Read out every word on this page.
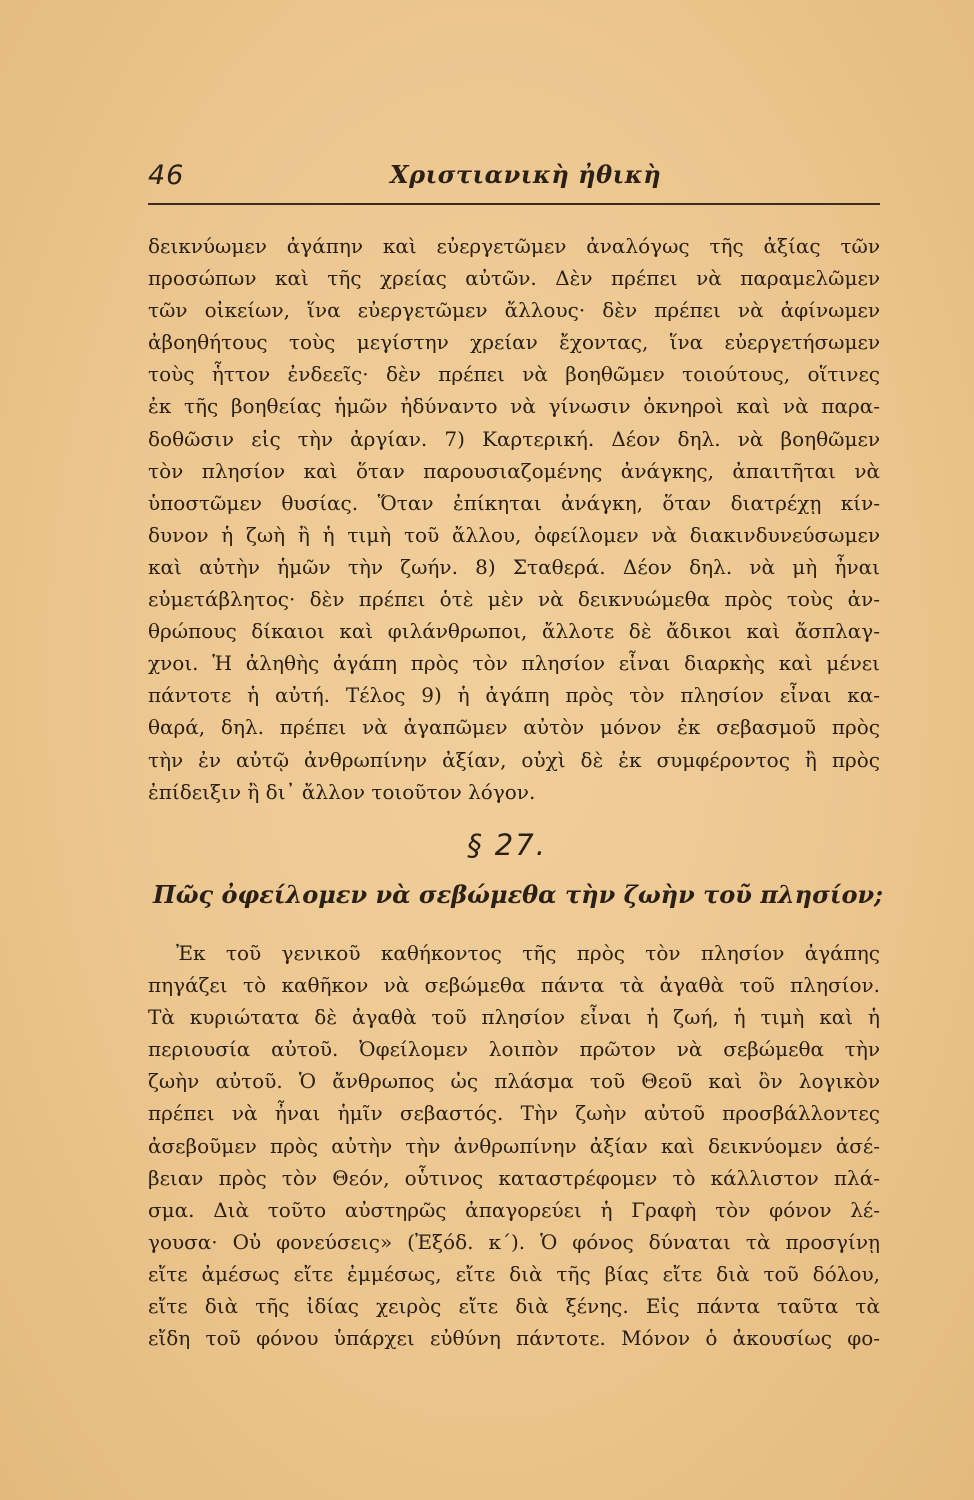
46	Χριστιανικὴ ἠθικὴ
δεικνύωμεν ἀγάπην καὶ εὐεργετῶμεν ἀναλόγως τῆς ἀξίας τῶν
προσώπων καὶ τῆς χρείας αὐτῶν. Δὲν πρέπει νὰ παραμελῶμεν
τῶν οἰκείων, ἵνα εὐεργετῶμεν ἄλλους· δὲν πρέπει νὰ ἀφίνωμεν
ἀβοηθήτους τοὺς μεγίστην χρείαν ἔχοντας, ἵνα εὐεργετήσωμεν
τοὺς ἧττον ἐνδεεῖς· δὲν πρέπει νὰ βοηθῶμεν τοιούτους, οἵτινες
ἐκ τῆς βοηθείας ἡμῶν ἠδύναντο νὰ γίνωσιν ὀκνηροὶ καὶ νὰ παρα-
δοθῶσιν εἰς τὴν ἀργίαν. 7) Καρτερική. Δέον δηλ. νὰ βοηθῶμεν
τὸν πλησίον καὶ ὅταν παρουσιαζομένης ἀνάγκης, ἀπαιτῆται νὰ
ὑποστῶμεν θυσίας. Ὅταν ἐπίκηται ἀνάγκη, ὅταν διατρέχῃ κίν-
δυνον ἡ ζωὴ ἢ ἡ τιμὴ τοῦ ἄλλου, ὀφείλομεν νὰ διακινδυνεύσωμεν
καὶ αὐτὴν ἡμῶν τὴν ζωήν. 8) Σταθερά. Δέον δηλ. νὰ μὴ ἦναι
εὐμετάβλητος· δὲν πρέπει ὁτὲ μὲν νὰ δεικνυώμεθα πρὸς τοὺς ἀν-
θρώπους δίκαιοι καὶ φιλάνθρωποι, ἄλλοτε δὲ ἄδικοι καὶ ἄσπλαγ-
χνοι. Ἡ ἀληθὴς ἀγάπη πρὸς τὸν πλησίον εἶναι διαρκὴς καὶ μένει
πάντοτε ἡ αὐτή. Τέλος 9) ἡ ἀγάπη πρὸς τὸν πλησίον εἶναι κα-
θαρά, δηλ. πρέπει νὰ ἀγαπῶμεν αὐτὸν μόνον ἐκ σεβασμοῦ πρὸς
τὴν ἐν αὐτῷ ἀνθρωπίνην ἀξίαν, οὐχὶ δὲ ἐκ συμφέροντος ἢ πρὸς
ἐπίδειξιν ἢ δι᾿ ἄλλον τοιοῦτον λόγον.
§ 27.
Πῶς ὀφείλομεν νὰ σεβώμεθα τὴν ζωὴν τοῦ πλησίον;
Ἐκ τοῦ γενικοῦ καθήκοντος τῆς πρὸς τὸν πλησίον ἀγάπης
πηγάζει τὸ καθῆκον νὰ σεβώμεθα πάντα τὰ ἀγαθὰ τοῦ πλησίον.
Τὰ κυριώτατα δὲ ἀγαθὰ τοῦ πλησίον εἶναι ἡ ζωή, ἡ τιμὴ καὶ ἡ
περιουσία αὐτοῦ. Ὀφείλομεν λοιπὸν πρῶτον νὰ σεβώμεθα τὴν
ζωὴν αὐτοῦ. Ὁ ἄνθρωπος ὡς πλάσμα τοῦ Θεοῦ καὶ ὂν λογικὸν
πρέπει νὰ ἦναι ἡμῖν σεβαστός. Τὴν ζωὴν αὐτοῦ προσβάλλοντες
ἀσεβοῦμεν πρὸς αὐτὴν τὴν ἀνθρωπίνην ἀξίαν καὶ δεικνύομεν ἀσέ-
βειαν πρὸς τὸν Θεόν, οὗτινος καταστρέφομεν τὸ κάλλιστον πλά-
σμα. Διὰ τοῦτο αὐστηρῶς ἀπαγορεύει ἡ Γραφὴ τὸν φόνον λέ-
γουσα· Οὐ φονεύσεις» (Ἐξόδ. κ΄). Ὁ φόνος δύναται τὰ προσγίνῃ
εἴτε ἀμέσως εἴτε ἐμμέσως, εἴτε διὰ τῆς βίας εἴτε διὰ τοῦ δόλου,
εἴτε διὰ τῆς ἰδίας χειρὸς εἴτε διὰ ξένης. Εἰς πάντα ταῦτα τὰ
εἴδη τοῦ φόνου ὑπάρχει εὐθύνη πάντοτε. Μόνον ὁ ἀκουσίως φο-
